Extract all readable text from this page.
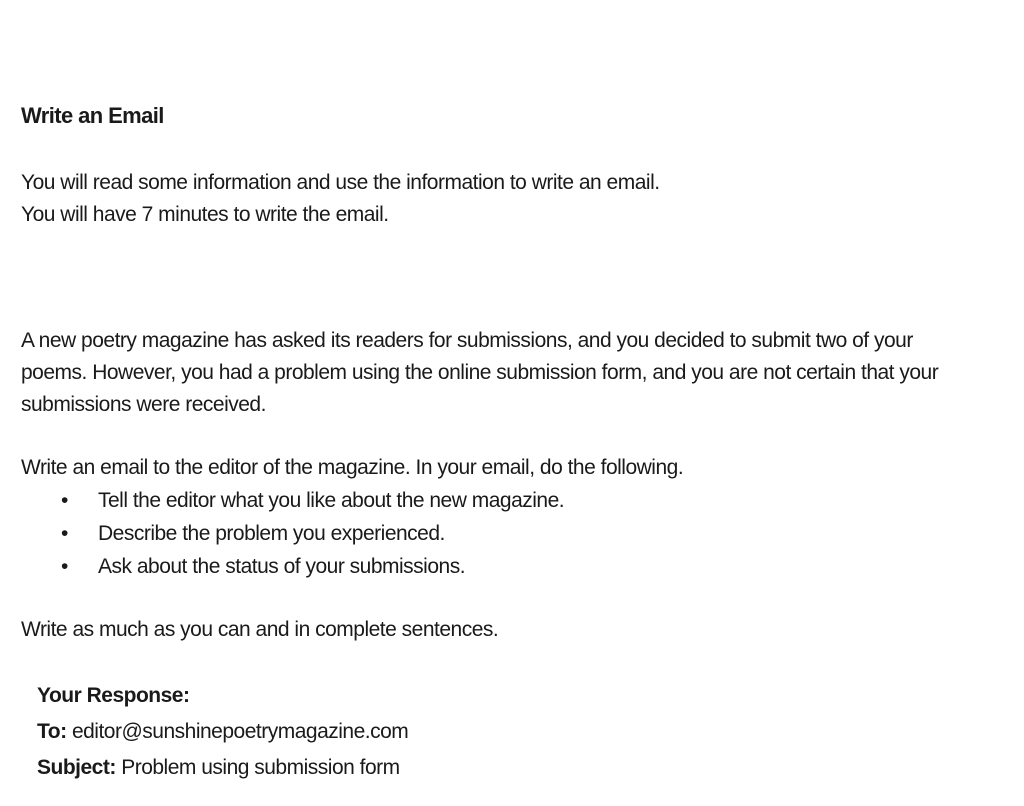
Write an Email

You will read some information and use the information to write an email.

You will have 7 minutes to write the email.

A new poetry magazine has asked its readers for submissions, and you decided to submit two of your

poems. However, you had a problem using the online submission form, and you are not certain that your

submissions were received.

Write an email to the editor of the magazine. In your email, do the following.

• Tell the editor what you like about the new magazine.
• Describe the problem you experienced.
• Ask about the status of your submissions.

Write as much as you can and in complete sentences.

Your Response:
To: editor@sunshinepoetrymagazine.com
Subject: Problem using submission form
